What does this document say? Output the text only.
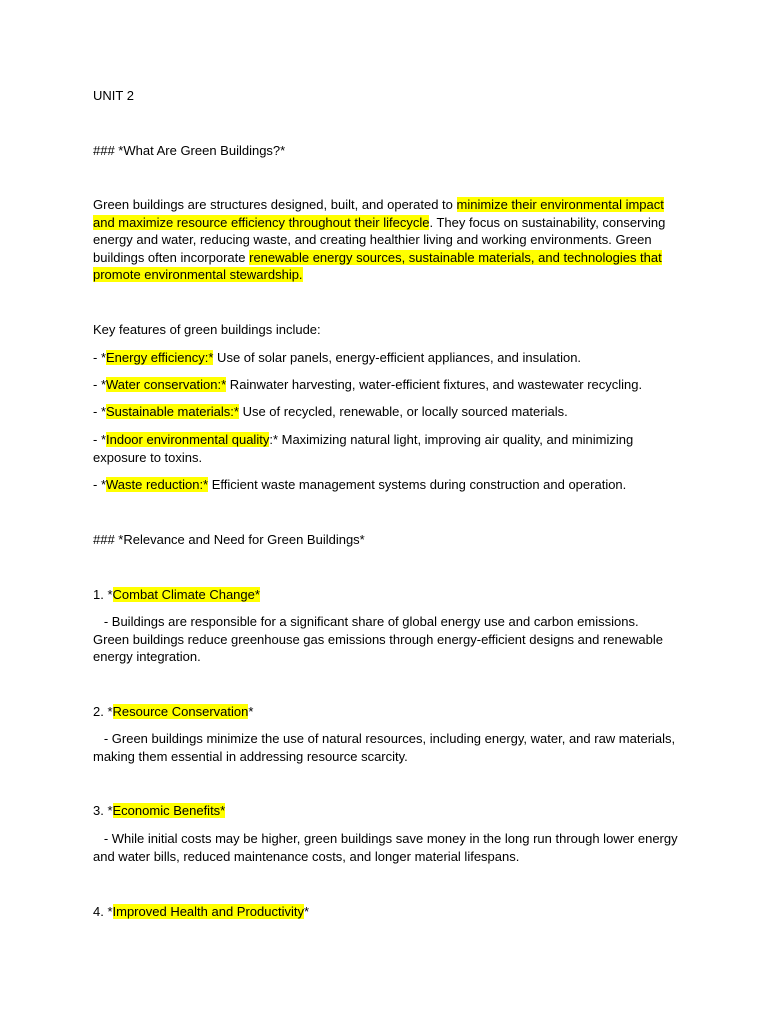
UNIT 2

### *What Are Green Buildings?*

Green buildings are structures designed, built, and operated to minimize their environmental impact and maximize resource efficiency throughout their lifecycle. They focus on sustainability, conserving energy and water, reducing waste, and creating healthier living and working environments. Green buildings often incorporate renewable energy sources, sustainable materials, and technologies that promote environmental stewardship.

Key features of green buildings include:

- *Energy efficiency:* Use of solar panels, energy-efficient appliances, and insulation.

- *Water conservation:* Rainwater harvesting, water-efficient fixtures, and wastewater recycling.

- *Sustainable materials:* Use of recycled, renewable, or locally sourced materials.

- *Indoor environmental quality:* Maximizing natural light, improving air quality, and minimizing exposure to toxins.

- *Waste reduction:* Efficient waste management systems during construction and operation.

### *Relevance and Need for Green Buildings*

1. *Combat Climate Change*

- Buildings are responsible for a significant share of global energy use and carbon emissions. Green buildings reduce greenhouse gas emissions through energy-efficient designs and renewable energy integration.

2. *Resource Conservation*

- Green buildings minimize the use of natural resources, including energy, water, and raw materials, making them essential in addressing resource scarcity.

3. *Economic Benefits*

- While initial costs may be higher, green buildings save money in the long run through lower energy and water bills, reduced maintenance costs, and longer material lifespans.

4. *Improved Health and Productivity*
